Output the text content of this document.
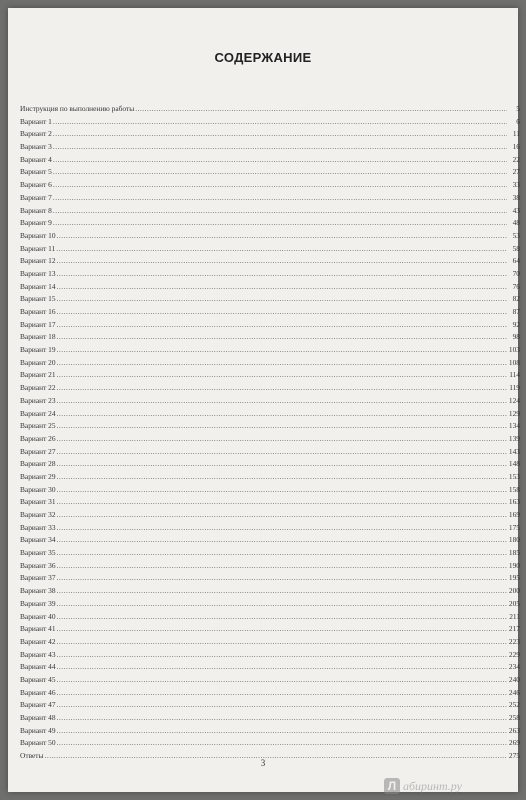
СОДЕРЖАНИЕ
Инструкция по выполнению работы .....	5
Вариант 1 .....	6
Вариант 2 .....	11
Вариант 3 .....	16
Вариант 4 .....	22
Вариант 5 .....	27
Вариант 6 .....	33
Вариант 7 .....	38
Вариант 8 .....	43
Вариант 9 .....	48
Вариант 10 .....	53
Вариант 11 .....	58
Вариант 12 .....	64
Вариант 13 .....	70
Вариант 14 .....	76
Вариант 15 .....	82
Вариант 16 .....	87
Вариант 17 .....	92
Вариант 18 .....	98
Вариант 19 .....	103
Вариант 20 .....	108
Вариант 21 .....	114
Вариант 22 .....	119
Вариант 23 .....	124
Вариант 24 .....	129
Вариант 25 .....	134
Вариант 26 .....	139
Вариант 27 .....	143
Вариант 28 .....	148
Вариант 29 .....	153
Вариант 30 .....	158
Вариант 31 .....	163
Вариант 32 .....	169
Вариант 33 .....	175
Вариант 34 .....	180
Вариант 35 .....	185
Вариант 36 .....	190
Вариант 37 .....	195
Вариант 38 .....	200
Вариант 39 .....	205
Вариант 40 .....	211
Вариант 41 .....	217
Вариант 42 .....	223
Вариант 43 .....	229
Вариант 44 .....	234
Вариант 45 .....	240
Вариант 46 .....	246
Вариант 47 .....	252
Вариант 48 .....	258
Вариант 49 .....	263
Вариант 50 .....	269
Ответы .....	275
3
Л абиринт.ру
